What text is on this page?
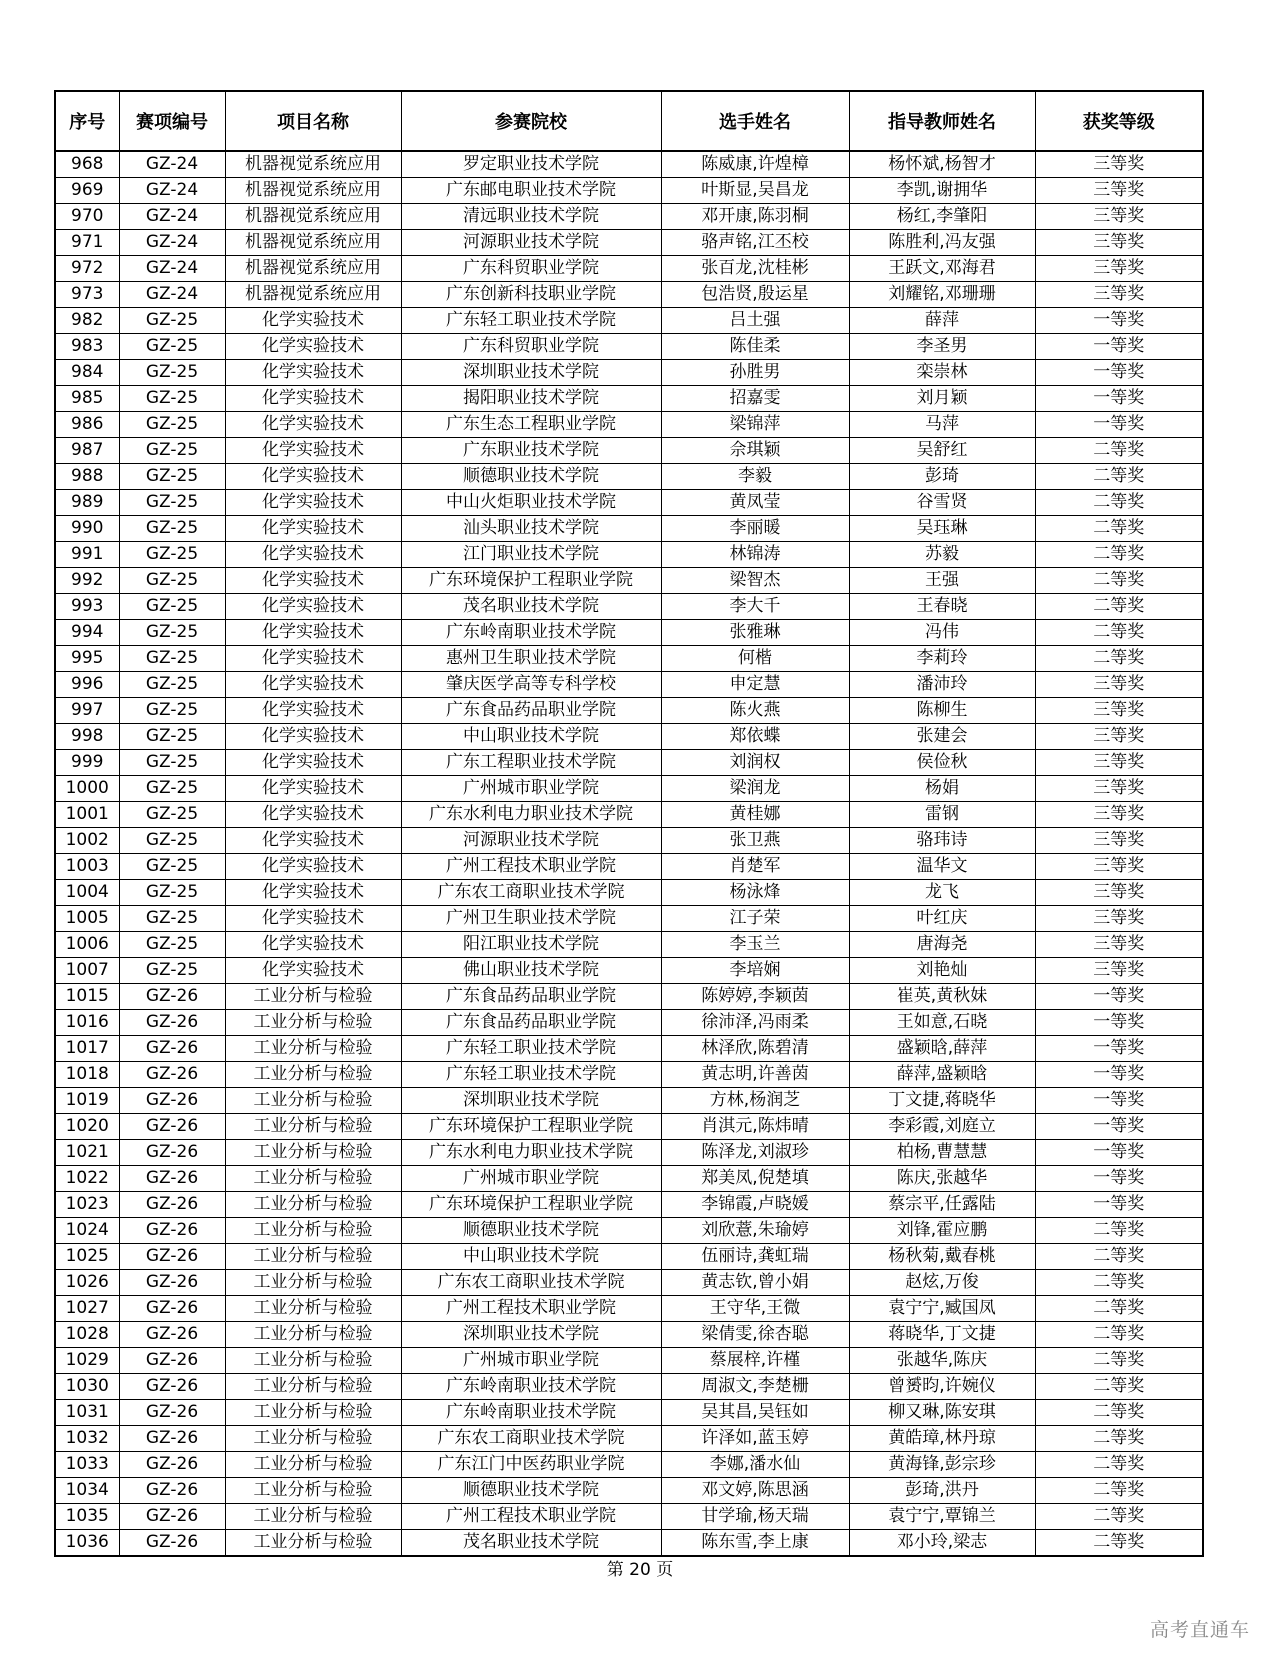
序号	赛项编号	项目名称	参赛院校	选手姓名	指导教师姓名	获奖等级
968	GZ-24	机器视觉系统应用	罗定职业技术学院	陈威康,许煌樟	杨怀斌,杨智才	三等奖
969	GZ-24	机器视觉系统应用	广东邮电职业技术学院	叶斯显,吴昌龙	李凯,谢拥华	三等奖
970	GZ-24	机器视觉系统应用	清远职业技术学院	邓开康,陈羽桐	杨红,李肇阳	三等奖
971	GZ-24	机器视觉系统应用	河源职业技术学院	骆声铭,江丕校	陈胜利,冯友强	三等奖
972	GZ-24	机器视觉系统应用	广东科贸职业学院	张百龙,沈桂彬	王跃文,邓海君	三等奖
973	GZ-24	机器视觉系统应用	广东创新科技职业学院	包浩贤,殷运星	刘耀铭,邓珊珊	三等奖
982	GZ-25	化学实验技术	广东轻工职业技术学院	吕土强	薛萍	一等奖
983	GZ-25	化学实验技术	广东科贸职业学院	陈佳柔	李圣男	一等奖
984	GZ-25	化学实验技术	深圳职业技术学院	孙胜男	栾崇林	一等奖
985	GZ-25	化学实验技术	揭阳职业技术学院	招嘉雯	刘月颖	一等奖
986	GZ-25	化学实验技术	广东生态工程职业学院	梁锦萍	马萍	一等奖
987	GZ-25	化学实验技术	广东职业技术学院	佘琪颖	吴舒红	二等奖
988	GZ-25	化学实验技术	顺德职业技术学院	李毅	彭琦	二等奖
989	GZ-25	化学实验技术	中山火炬职业技术学院	黄凤莹	谷雪贤	二等奖
990	GZ-25	化学实验技术	汕头职业技术学院	李丽暖	吴珏琳	二等奖
991	GZ-25	化学实验技术	江门职业技术学院	林锦涛	苏毅	二等奖
992	GZ-25	化学实验技术	广东环境保护工程职业学院	梁智杰	王强	二等奖
993	GZ-25	化学实验技术	茂名职业技术学院	李大千	王春晓	二等奖
994	GZ-25	化学实验技术	广东岭南职业技术学院	张雅琳	冯伟	二等奖
995	GZ-25	化学实验技术	惠州卫生职业技术学院	何楷	李莉玲	二等奖
996	GZ-25	化学实验技术	肇庆医学高等专科学校	申定慧	潘沛玲	三等奖
997	GZ-25	化学实验技术	广东食品药品职业学院	陈火燕	陈柳生	三等奖
998	GZ-25	化学实验技术	中山职业技术学院	郑依蝶	张建会	三等奖
999	GZ-25	化学实验技术	广东工程职业技术学院	刘润权	侯俭秋	三等奖
1000	GZ-25	化学实验技术	广州城市职业学院	梁润龙	杨娟	三等奖
1001	GZ-25	化学实验技术	广东水利电力职业技术学院	黄桂娜	雷钢	三等奖
1002	GZ-25	化学实验技术	河源职业技术学院	张卫燕	骆玮诗	三等奖
1003	GZ-25	化学实验技术	广州工程技术职业学院	肖楚军	温华文	三等奖
1004	GZ-25	化学实验技术	广东农工商职业技术学院	杨泳烽	龙飞	三等奖
1005	GZ-25	化学实验技术	广州卫生职业技术学院	江子荣	叶红庆	三等奖
1006	GZ-25	化学实验技术	阳江职业技术学院	李玉兰	唐海尧	三等奖
1007	GZ-25	化学实验技术	佛山职业技术学院	李培娴	刘艳灿	三等奖
1015	GZ-26	工业分析与检验	广东食品药品职业学院	陈婷婷,李颖茵	崔英,黄秋妹	一等奖
1016	GZ-26	工业分析与检验	广东食品药品职业学院	徐沛泽,冯雨柔	王如意,石晓	一等奖
1017	GZ-26	工业分析与检验	广东轻工职业技术学院	林泽欣,陈碧清	盛颖晗,薛萍	一等奖
1018	GZ-26	工业分析与检验	广东轻工职业技术学院	黄志明,许善茵	薛萍,盛颖晗	一等奖
1019	GZ-26	工业分析与检验	深圳职业技术学院	方林,杨润芝	丁文捷,蒋晓华	一等奖
1020	GZ-26	工业分析与检验	广东环境保护工程职业学院	肖淇元,陈炜晴	李彩霞,刘庭立	一等奖
1021	GZ-26	工业分析与检验	广东水利电力职业技术学院	陈泽龙,刘淑珍	柏杨,曹慧慧	一等奖
1022	GZ-26	工业分析与检验	广州城市职业学院	郑美凤,倪楚填	陈庆,张越华	一等奖
1023	GZ-26	工业分析与检验	广东环境保护工程职业学院	李锦霞,卢晓媛	蔡宗平,任露陆	一等奖
1024	GZ-26	工业分析与检验	顺德职业技术学院	刘欣薏,朱瑜婷	刘锋,霍应鹏	二等奖
1025	GZ-26	工业分析与检验	中山职业技术学院	伍丽诗,龚虹瑞	杨秋菊,戴春桃	二等奖
1026	GZ-26	工业分析与检验	广东农工商职业技术学院	黄志钦,曾小娟	赵炫,万俊	二等奖
1027	GZ-26	工业分析与检验	广州工程技术职业学院	王守华,王微	袁宁宁,臧国凤	二等奖
1028	GZ-26	工业分析与检验	深圳职业技术学院	梁倩雯,徐杏聪	蒋晓华,丁文捷	二等奖
1029	GZ-26	工业分析与检验	广州城市职业学院	蔡展梓,许槿	张越华,陈庆	二等奖
1030	GZ-26	工业分析与检验	广东岭南职业技术学院	周淑文,李楚栅	曾赟昀,许婉仪	二等奖
1031	GZ-26	工业分析与检验	广东岭南职业技术学院	吴其昌,吴钰如	柳又琳,陈安琪	二等奖
1032	GZ-26	工业分析与检验	广东农工商职业技术学院	许泽如,蓝玉婷	黄皓璋,林丹琼	二等奖
1033	GZ-26	工业分析与检验	广东江门中医药职业学院	李娜,潘水仙	黄海锋,彭宗珍	二等奖
1034	GZ-26	工业分析与检验	顺德职业技术学院	邓文婷,陈思涵	彭琦,洪丹	二等奖
1035	GZ-26	工业分析与检验	广州工程技术职业学院	甘学瑜,杨天瑞	袁宁宁,覃锦兰	二等奖
1036	GZ-26	工业分析与检验	茂名职业技术学院	陈东雪,李上康	邓小玲,梁志	二等奖
第 20 页
高考直通车
